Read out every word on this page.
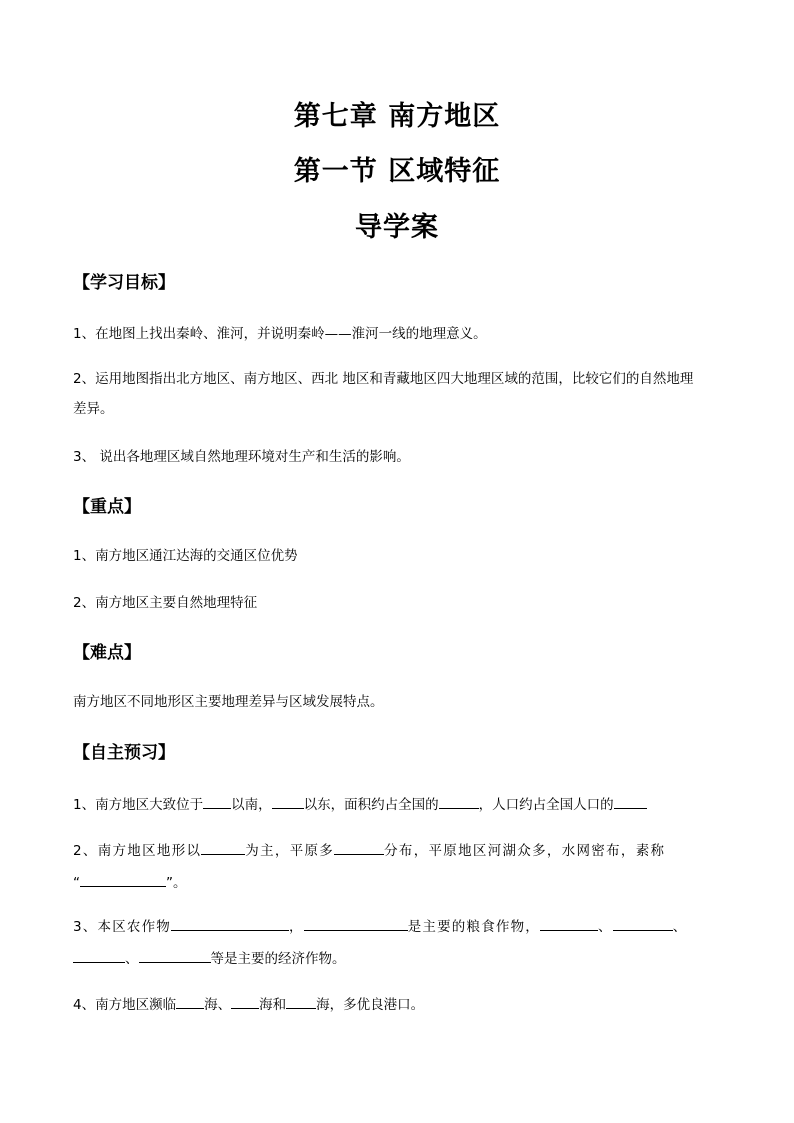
第七章 南方地区
第一节 区域特征
导学案
【学习目标】
1、在地图上找出秦岭、淮河，并说明秦岭——淮河一线的地理意义。
2、运用地图指出北方地区、南方地区、西北 地区和青藏地区四大地理区域的范围，比较它们的自然地理
差异。
3、 说出各地理区域自然地理环境对生产和生活的影响。
【重点】
1、南方地区通江达海的交通区位优势
2、南方地区主要自然地理特征
【难点】
南方地区不同地形区主要地理差异与区域发展特点。
【自主预习】
1、南方地区大致位于 以南， 以东，面积约占全国的	，人口约占全国人口的
2、南方地区地形以	为主，平原多	分布，平原地区河湖众多，水网密布，素称
“	”。
3、本区农作物	，	是主要的粮食作物，	、	、
、	等是主要的经济作物。
4、南方地区濒临 海、 海和 海，多优良港口。
